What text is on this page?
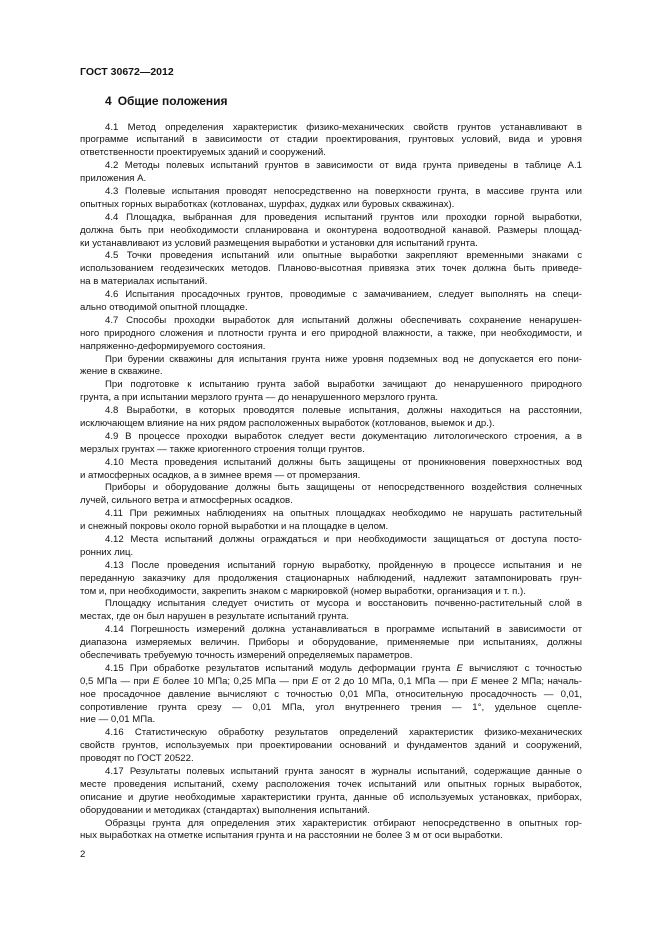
ГОСТ 30672—2012
4 Общие положения
4.1 Метод определения характеристик физико-механических свойств грунтов устанавливают в
программе испытаний в зависимости от стадии проектирования, грунтовых условий, вида и уровня
ответственности проектируемых зданий и сооружений.
4.2 Методы полевых испытаний грунтов в зависимости от вида грунта приведены в таблице А.1
приложения А.
4.3 Полевые испытания проводят непосредственно на поверхности грунта, в массиве грунта или
опытных горных выработках (котлованах, шурфах, дудках или буровых скважинах).
4.4 Площадка, выбранная для проведения испытаний грунтов или проходки горной выработки,
должна быть при необходимости спланирована и оконтурена водоотводной канавой. Размеры площад-
ки устанавливают из условий размещения выработки и установки для испытаний грунта.
4.5 Точки проведения испытаний или опытные выработки закрепляют временными знаками с
использованием геодезических методов. Планово-высотная привязка этих точек должна быть приведе-
на в материалах испытаний.
4.6 Испытания просадочных грунтов, проводимые с замачиванием, следует выполнять на специ-
ально отводимой опытной площадке.
4.7 Способы проходки выработок для испытаний должны обеспечивать сохранение ненарушен-
ного природного сложения и плотности грунта и его природной влажности, а также, при необходимости, и
напряженно-деформируемого состояния.
При бурении скважины для испытания грунта ниже уровня подземных вод не допускается его пони-
жение в скважине.
При подготовке к испытанию грунта забой выработки зачищают до ненарушенного природного
грунта, а при испытании мерзлого грунта — до ненарушенного мерзлого грунта.
4.8 Выработки, в которых проводятся полевые испытания, должны находиться на расстоянии,
исключающем влияние на них рядом расположенных выработок (котлованов, выемок и др.).
4.9 В процессе проходки выработок следует вести документацию литологического строения, а в
мерзлых грунтах — также криогенного строения толщи грунтов.
4.10 Места проведения испытаний должны быть защищены от проникновения поверхностных вод
и атмосферных осадков, а в зимнее время — от промерзания.
Приборы и оборудование должны быть защищены от непосредственного воздействия солнечных
лучей, сильного ветра и атмосферных осадков.
4.11 При режимных наблюдениях на опытных площадках необходимо не нарушать растительный
и снежный покровы около горной выработки и на площадке в целом.
4.12 Места испытаний должны ограждаться и при необходимости защищаться от доступа посто-
ронних лиц.
4.13 После проведения испытаний горную выработку, пройденную в процессе испытания и не
переданную заказчику для продолжения стационарных наблюдений, надлежит затампонировать грун-
том и, при необходимости, закрепить знаком с маркировкой (номер выработки, организация и т. п.).
Площадку испытания следует очистить от мусора и восстановить почвенно-растительный слой в
местах, где он был нарушен в результате испытаний грунта.
4.14 Погрешность измерений должна устанавливаться в программе испытаний в зависимости от
диапазона измеряемых величин. Приборы и оборудование, применяемые при испытаниях, должны
обеспечивать требуемую точность измерений определяемых параметров.
4.15 При обработке результатов испытаний модуль деформации грунта E вычисляют с точностью
0,5 МПа — при E более 10 МПа; 0,25 МПа — при E от 2 до 10 МПа, 0,1 МПа — при E менее 2 МПа; началь-
ное просадочное давление вычисляют с точностью 0,01 МПа, относительную просадочность — 0,01,
сопротивление грунта срезу — 0,01 МПа, угол внутреннего трения — 1°, удельное сцепле-
ние — 0,01 МПа.
4.16 Статистическую обработку результатов определений характеристик физико-механических
свойств грунтов, используемых при проектировании оснований и фундаментов зданий и сооружений,
проводят по ГОСТ 20522.
4.17 Результаты полевых испытаний грунта заносят в журналы испытаний, содержащие данные о
месте проведения испытаний, схему расположения точек испытаний или опытных горных выработок,
описание и другие необходимые характеристики грунта, данные об используемых установках, приборах,
оборудовании и методиках (стандартах) выполнения испытаний.
Образцы грунта для определения этих характеристик отбирают непосредственно в опытных гор-
ных выработках на отметке испытания грунта и на расстоянии не более 3 м от оси выработки.
2
